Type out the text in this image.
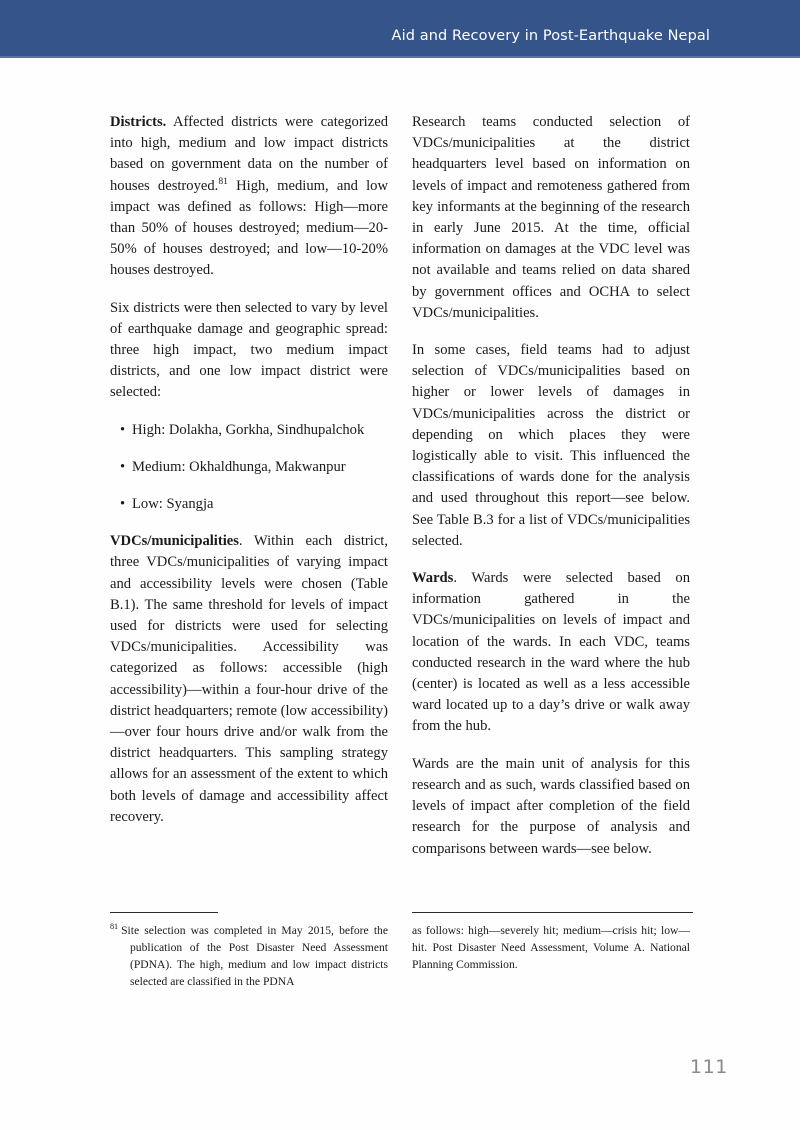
Aid and Recovery in Post-Earthquake Nepal

Districts. Affected districts were categorized into high, medium and low impact districts based on government data on the number of houses destroyed.$^{81}$ High, medium, and low impact was defined as follows: High—more than 50% of houses destroyed; medium—20-50% of houses destroyed; and low—10-20% houses destroyed.

Six districts were then selected to vary by level of earthquake damage and geographic spread: three high impact, two medium impact districts, and one low impact district were selected:

• High: Dolakha, Gorkha, Sindhupalchok
• Medium: Okhaldhunga, Makwanpur
• Low: Syangja

VDCs/municipalities. Within each district, three VDCs/municipalities of varying impact and accessibility levels were chosen (Table B.1). The same threshold for levels of impact used for districts were used for selecting VDCs/municipalities. Accessibility was categorized as follows: accessible (high accessibility)—within a four-hour drive of the district headquarters; remote (low accessibility)—over four hours drive and/or walk from the district headquarters. This sampling strategy allows for an assessment of the extent to which both levels of damage and accessibility affect recovery.

Research teams conducted selection of VDCs/municipalities at the district headquarters level based on information on levels of impact and remoteness gathered from key informants at the beginning of the research in early June 2015. At the time, official information on damages at the VDC level was not available and teams relied on data shared by government offices and OCHA to select VDCs/municipalities.

In some cases, field teams had to adjust selection of VDCs/municipalities based on higher or lower levels of damages in VDCs/municipalities across the district or depending on which places they were logistically able to visit. This influenced the classifications of wards done for the analysis and used throughout this report—see below. See Table B.3 for a list of VDCs/municipalities selected.

Wards. Wards were selected based on information gathered in the VDCs/municipalities on levels of impact and location of the wards. In each VDC, teams conducted research in the ward where the hub (center) is located as well as a less accessible ward located up to a day’s drive or walk away from the hub.

Wards are the main unit of analysis for this research and as such, wards classified based on levels of impact after completion of the field research for the purpose of analysis and comparisons between wards—see below.

$^{81}$ Site selection was completed in May 2015, before the publication of the Post Disaster Need Assessment (PDNA). The high, medium and low impact districts selected are classified in the PDNA

as follows: high—severely hit; medium—crisis hit; low—hit. Post Disaster Need Assessment, Volume A. National Planning Commission.

111
